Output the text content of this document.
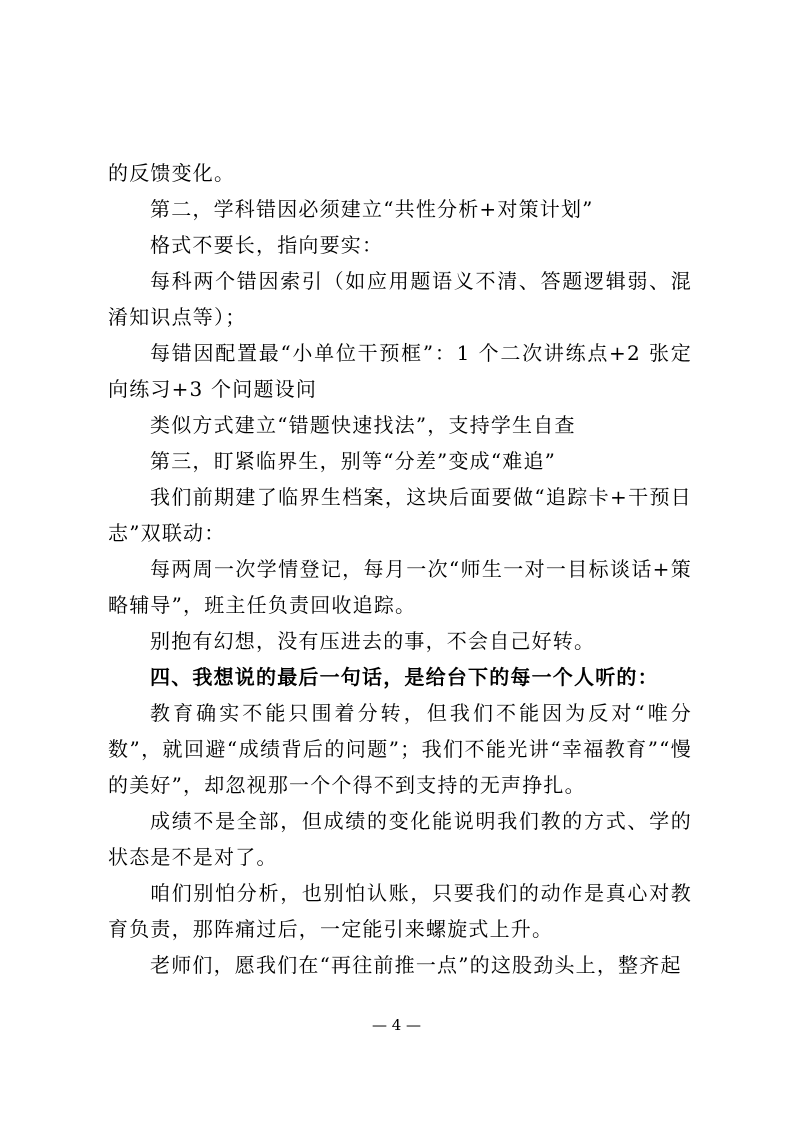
的反馈变化。

第二，学科错因必须建立“共性分析+对策计划”

格式不要长，指向要实：

每科两个错因索引（如应用题语义不清、答题逻辑弱、混淆知识点等）；

每错因配置最“小单位干预框”：1 个二次讲练点+2 张定向练习+3 个问题设问

类似方式建立“错题快速找法”，支持学生自查

第三，盯紧临界生，别等“分差”变成“难追”

我们前期建了临界生档案，这块后面要做“追踪卡+干预日志”双联动：

每两周一次学情登记，每月一次“师生一对一目标谈话+策略辅导”，班主任负责回收追踪。

别抱有幻想，没有压进去的事，不会自己好转。

四、我想说的最后一句话，是给台下的每一个人听的：

教育确实不能只围着分转，但我们不能因为反对“唯分数”，就回避“成绩背后的问题”；我们不能光讲“幸福教育”“慢的美好”，却忽视那一个个得不到支持的无声挣扎。

成绩不是全部，但成绩的变化能说明我们教的方式、学的状态是不是对了。

咱们别怕分析，也别怕认账，只要我们的动作是真心对教育负责，那阵痛过后，一定能引来螺旋式上升。

老师们，愿我们在“再往前推一点”的这股劲头上，整齐起

— 4 —
